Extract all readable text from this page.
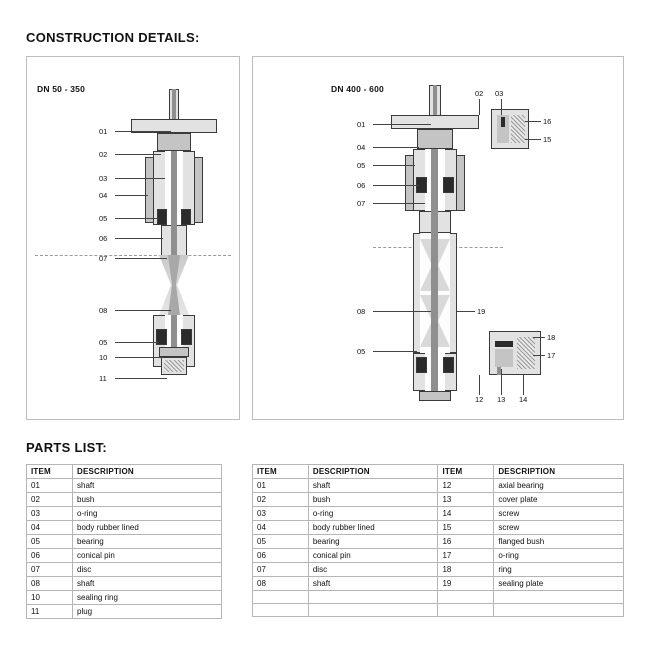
CONSTRUCTION DETAILS:
PARTS LIST:
DN 50 - 350
01
02
03
04
05
06
07
08
05
10
11
DN 400 - 600
01
04
05
06
07
08
05
02 03
16
15
19
18
17
12 13 14
ITEM	DESCRIPTION
01	shaft
02	bush
03	o-ring
04	body rubber lined
05	bearing
06	conical pin
07	disc
08	shaft
10	sealing ring
11	plug
ITEM	DESCRIPTION	ITEM	DESCRIPTION
01	shaft	12	axial bearing
02	bush	13	cover plate
03	o-ring	14	screw
04	body rubber lined	15	screw
05	bearing	16	flanged bush
06	conical pin	17	o-ring
07	disc	18	ring
08	shaft	19	sealing plate
